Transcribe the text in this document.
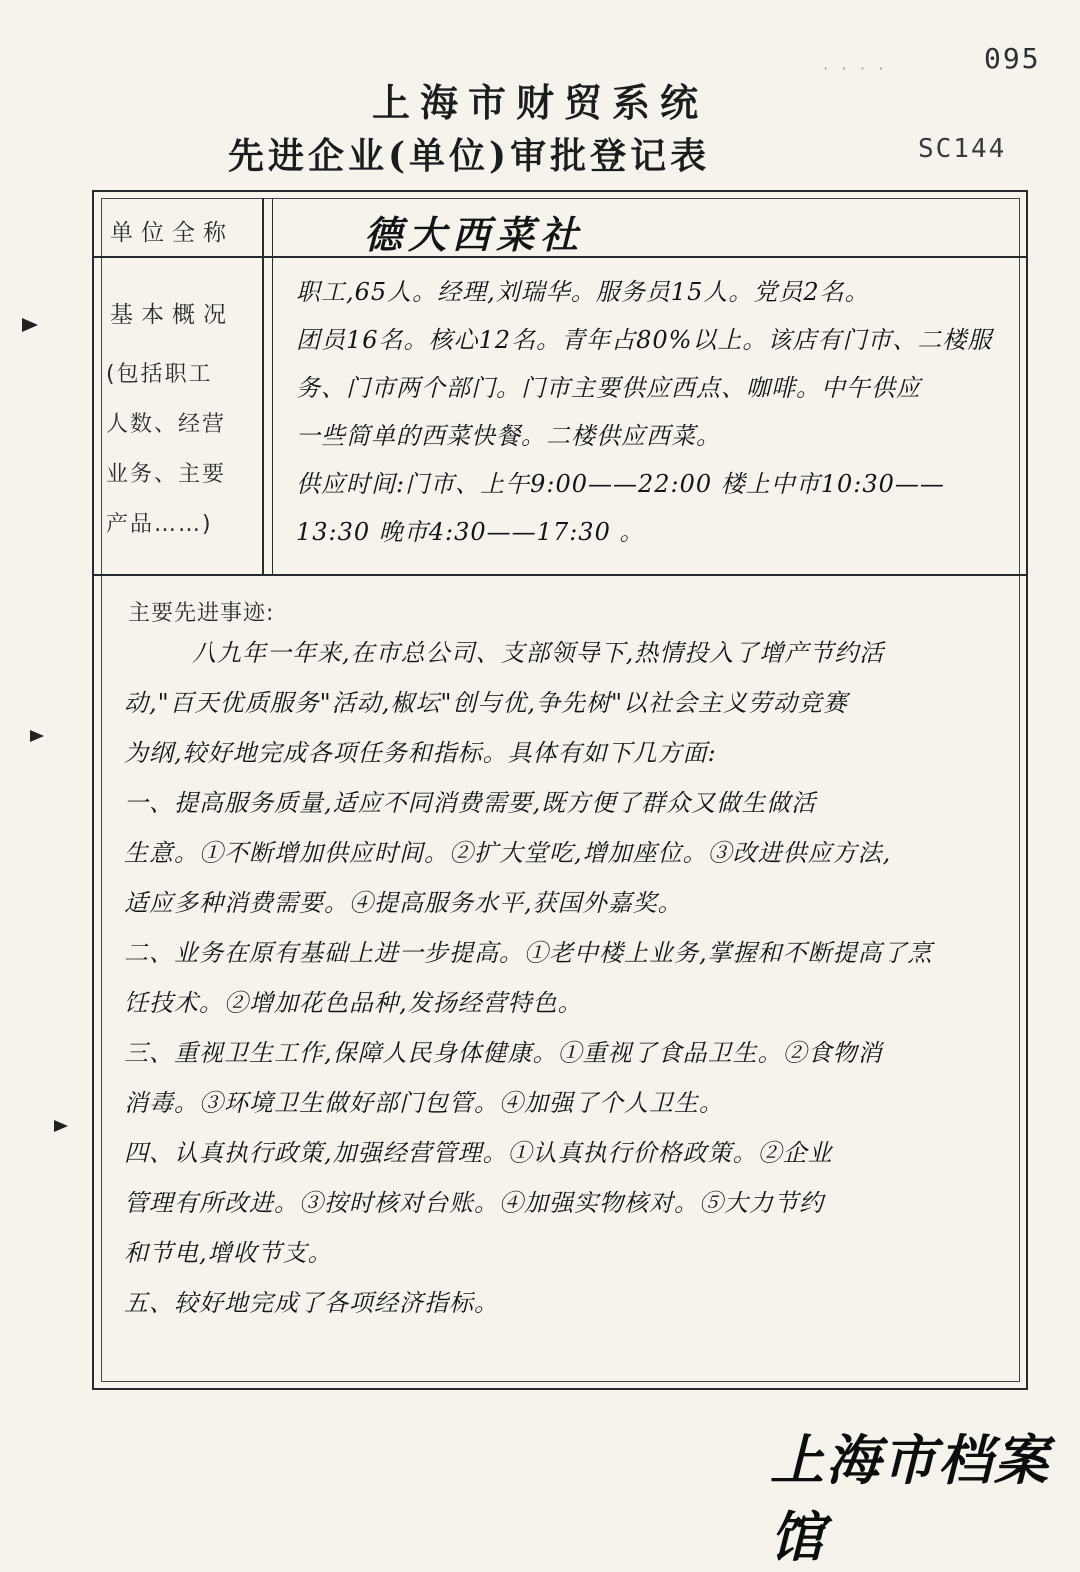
095
· · · ·
上海市财贸系统
先进企业(单位)审批登记表	SC144
单位全称	德大西菜社
基本概况
(包括职工
人数、经营
业务、主要
产品……)
职工,65人。经理,刘瑞华。服务员15人。党员2名。
团员16名。核心12名。青年占80%以上。该店有门市、二楼服
务、门市两个部门。门市主要供应西点、咖啡。中午供应
一些简单的西菜快餐。二楼供应西菜。
供应时间:门市、上午9:00——22:00 楼上中市10:30——
13:30 晚市4:30——17:30 。
主要先进事迹:
八九年一年来,在市总公司、支部领导下,热情投入了增产节约活
动,"百天优质服务"活动,椒坛"创与优,争先树"以社会主义劳动竞赛
为纲,较好地完成各项任务和指标。具体有如下几方面:
一、提高服务质量,适应不同消费需要,既方便了群众又做生做活
生意。①不断增加供应时间。②扩大堂吃,增加座位。③改进供应方法,
适应多种消费需要。④提高服务水平,获国外嘉奖。
二、业务在原有基础上进一步提高。①老中楼上业务,掌握和不断提高了烹
饪技术。②增加花色品种,发扬经营特色。
三、重视卫生工作,保障人民身体健康。①重视了食品卫生。②食物消
消毒。③环境卫生做好部门包管。④加强了个人卫生。
四、认真执行政策,加强经营管理。①认真执行价格政策。②企业
管理有所改进。③按时核对台账。④加强实物核对。⑤大力节约
和节电,增收节支。
五、较好地完成了各项经济指标。
上海市档案馆
